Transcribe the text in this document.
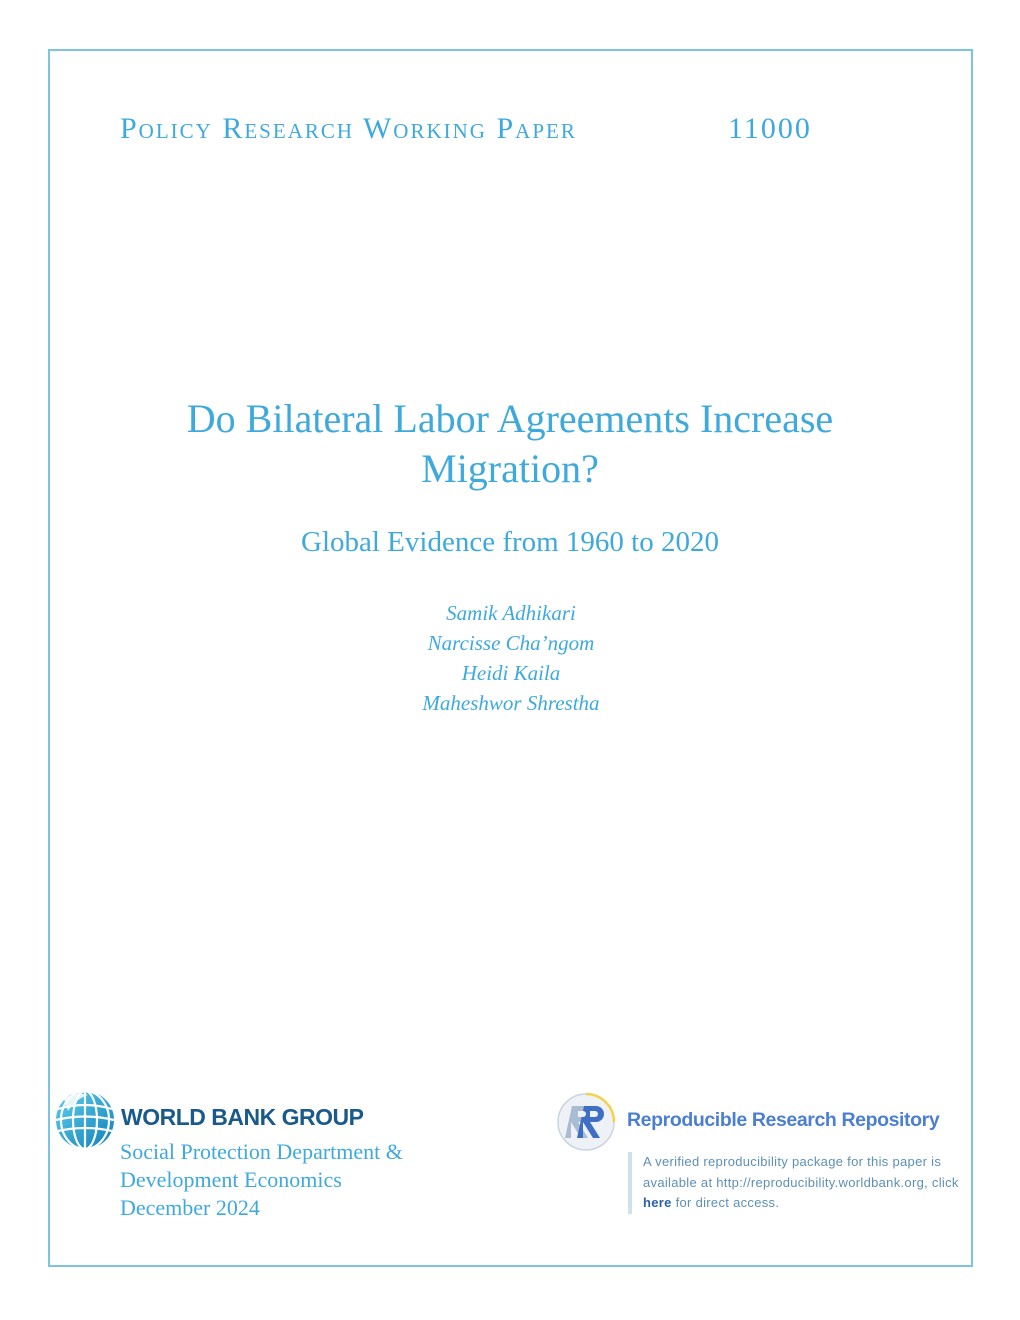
Policy Research Working Paper	11000
Do Bilateral Labor Agreements Increase
Migration?
Global Evidence from 1960 to 2020
Samik Adhikari
Narcisse Cha’ngom
Heidi Kaila
Maheshwor Shrestha
WORLD BANK GROUP
Social Protection Department &
Development Economics
December 2024
Reproducible Research Repository
A verified reproducibility package for this paper is available at http://reproducibility.worldbank.org, click here for direct access.
